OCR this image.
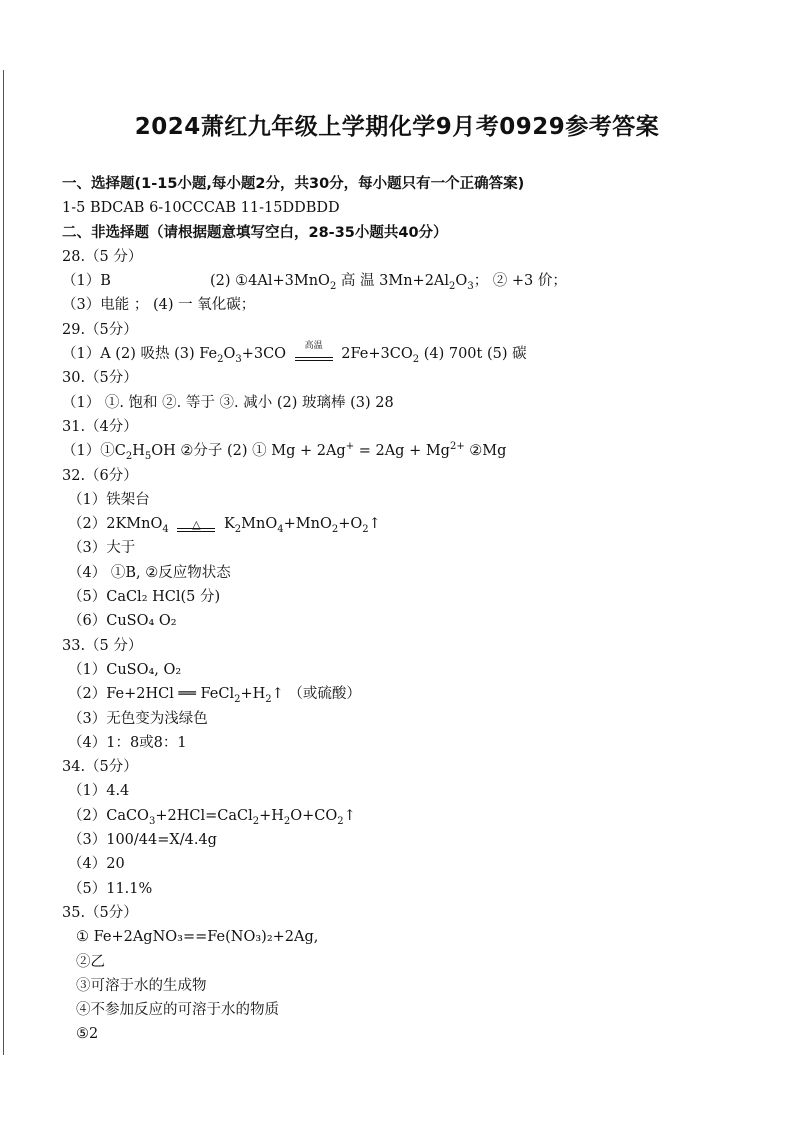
2024萧红九年级上学期化学9月考0929参考答案
一、选择题(1-15小题,每小题2分，共30分，每小题只有一个正确答案)
1-5 BDCAB 6-10CCCAB 11-15DDBDD
二、非选择题（请根据题意填写空白，28-35小题共40分）
28.（5 分）
（1）B	(2) ①4Al+3MnO$_2$ 高 温 $3Mn+2Al_2O_3$； ② +3 价；
（3）电能 ； (4) 一 氧化碳；
29.（5分）
（1）A (2) 吸热 (3) $Fe_2O_3+3CO$	高温	$2Fe+3CO_2$ (4) 700t (5) 碳
30.（5分）
（1） ①. 饱和 ②. 等于 ③. 减小 (2) 玻璃棒 (3) 28
31.（4分）
$(1)①C_2H_5OH$ ②分子 (2) ① $Mg + 2Ag^+ = 2Ag + Mg^{2+}$ ②Mg
32.（6分）
（1）铁架台
（2）2KMnO$_4$ △ $K_2MnO_4+MnO_2+O_2↑$
（3）大于
（4） ①B, ②反应物状态
（5）CaCl₂ HCl(5 分)
（6）CuSO₄ O₂
33.（5 分）
（1）CuSO₄, O₂
（2）Fe+2HCl ══ $FeCl_2+H_2↑$ （或硫酸）
（3）无色变为浅绿色
（4）1：8或8：1
34.（5分）
（1）4.4
$(2)CaCO_3+2HCl=CaCl_2+H_2O+CO_2↑$
（3）100/44=X/4.4g
（4）20
（5）11.1%
35.（5分）
① Fe+2AgNO₃==Fe(NO₃)₂+2Ag,
②乙
③可溶于水的生成物
④不参加反应的可溶于水的物质
⑤2
